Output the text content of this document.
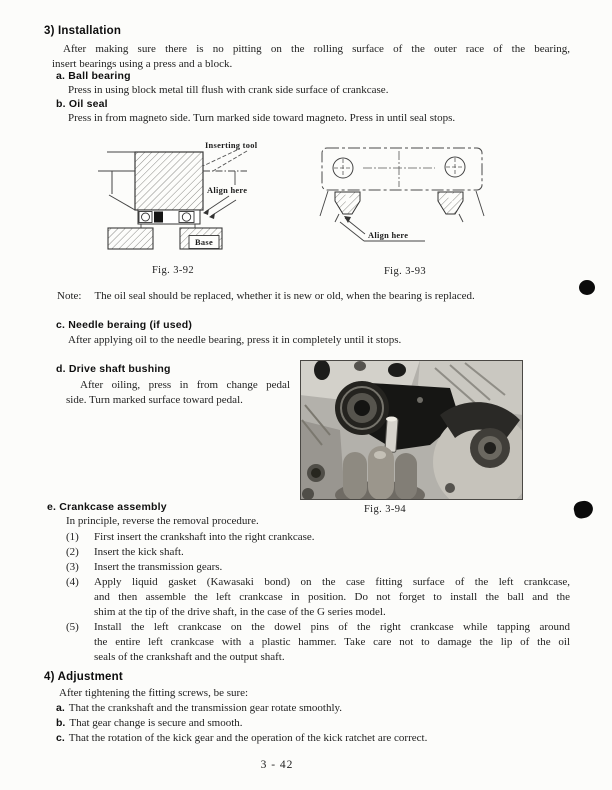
3) Installation
After making sure there is no pitting on the rolling surface of the outer race of the bearing,
insert bearings using a press and a block.
a. Ball bearing
Press in using block metal till flush with crank side surface of crankcase.
b. Oil seal
Press in from magneto side. Turn marked side toward magneto. Press in until seal stops.
Inserting tool
Align here
Base
Fig. 3-92
Align here
Fig. 3-93
Note: The oil seal should be replaced, whether it is new or old, when the bearing is replaced.
c. Needle beraing (if used)
After applying oil to the needle bearing, press it in completely until it stops.
d. Drive shaft bushing
After oiling, press in from change pedal
side. Turn marked surface toward pedal.
Fig. 3-94
e. Crankcase assembly
In principle, reverse the removal procedure.
(1)	First insert the crankshaft into the right crankcase.
(2)	Insert the kick shaft.
(3)	Insert the transmission gears.
(4)	Apply liquid gasket (Kawasaki bond) on the case fitting surface of the left crankcase,
and then assemble the left crankcase in position. Do not forget to install the ball and the
shim at the tip of the drive shaft, in the case of the G series model.
(5)	Install the left crankcase on the dowel pins of the right crankcase while tapping around
the entire left crankcase with a plastic hammer. Take care not to damage the lip of the oil
seals of the crankshaft and the output shaft.
4) Adjustment
After tightening the fitting screws, be sure:
a. That the crankshaft and the transmission gear rotate smoothly.
b. That gear change is secure and smooth.
c. That the rotation of the kick gear and the operation of the kick ratchet are correct.
3 - 42
